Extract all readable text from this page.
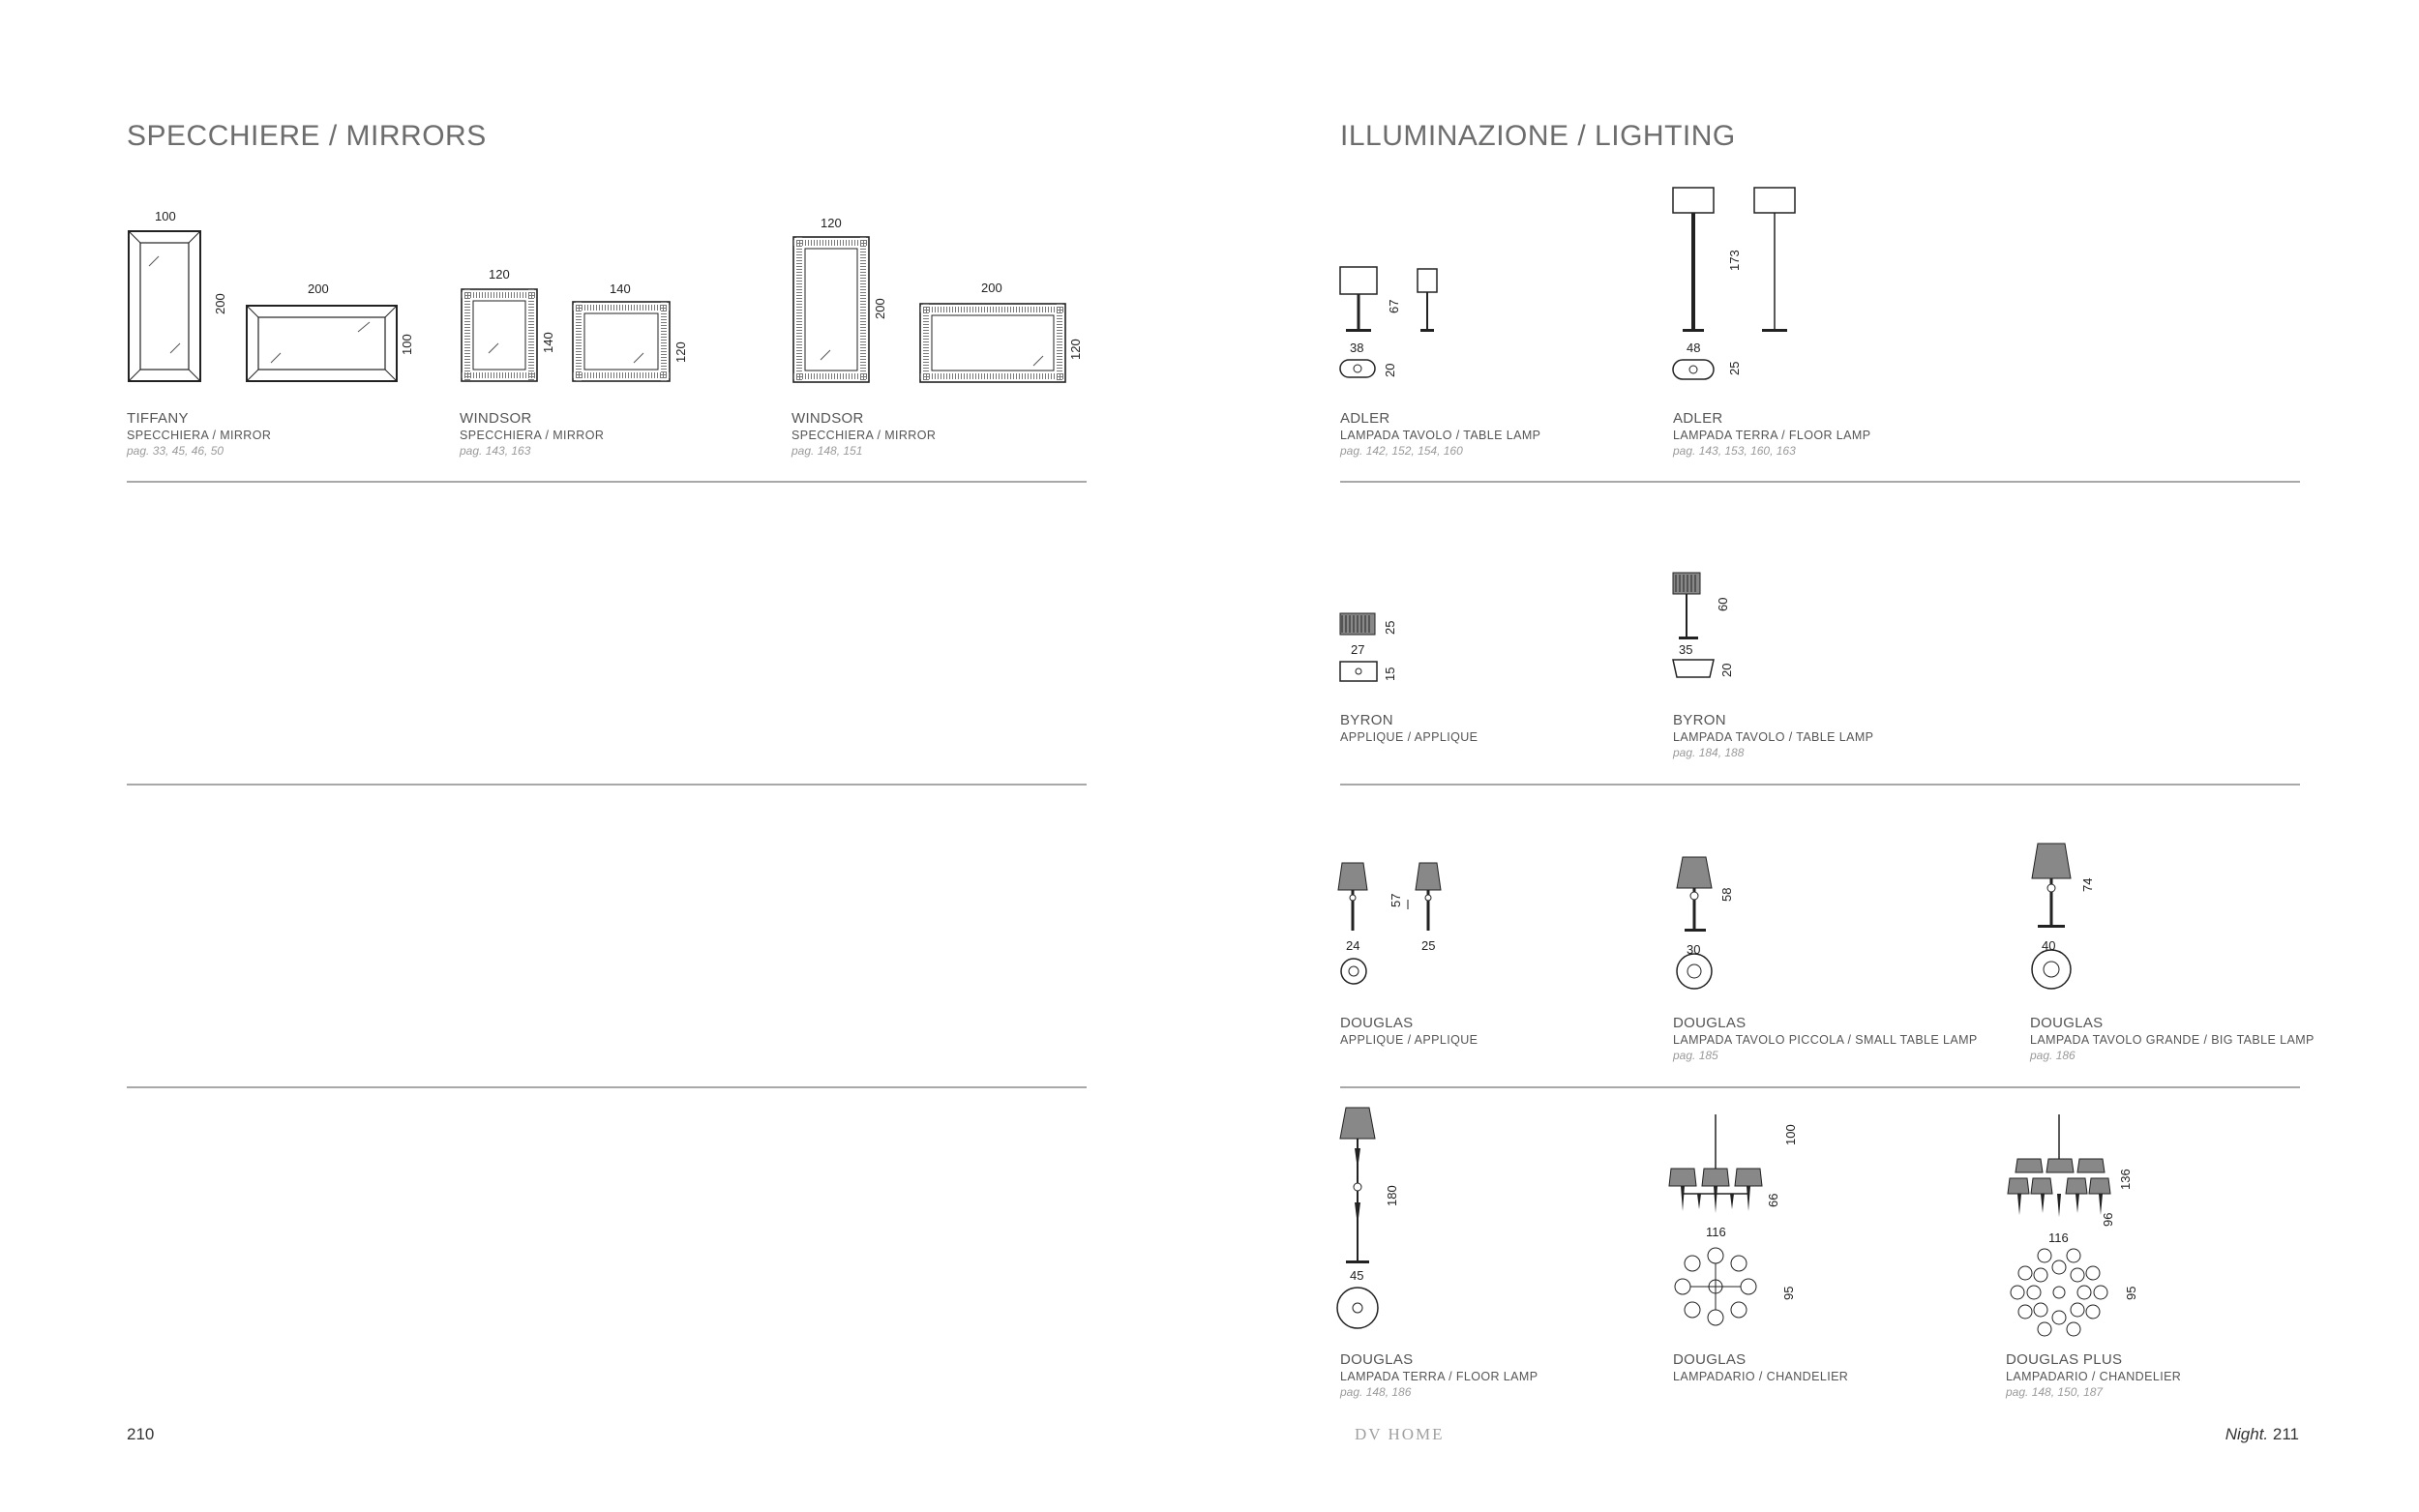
SPECCHIERE / MIRRORS
100
200
200
100
TIFFANY
SPECCHIERA / MIRROR
pag. 33, 45, 46, 50
120
140
140
120
WINDSOR
SPECCHIERA / MIRROR
pag. 143, 163
120
200
200
120
WINDSOR
SPECCHIERA / MIRROR
pag. 148, 151
210
ILLUMINAZIONE / LIGHTING
67
38
20
ADLER
LAMPADA TAVOLO / TABLE LAMP
pag. 142, 152, 154, 160
173
48
25
ADLER
LAMPADA TERRA / FLOOR LAMP
pag. 143, 153, 160, 163
25
27
15
BYRON
APPLIQUE / APPLIQUE
60
35
20
BYRON
LAMPADA TAVOLO / TABLE LAMP
pag. 184, 188
57
24	25
DOUGLAS
APPLIQUE / APPLIQUE
58
30
DOUGLAS
LAMPADA TAVOLO PICCOLA / SMALL TABLE LAMP
pag. 185
74
40
DOUGLAS
LAMPADA TAVOLO GRANDE / BIG TABLE LAMP
pag. 186
180
45
DOUGLAS
LAMPADA TERRA / FLOOR LAMP
pag. 148, 186
100
66
116
95
DOUGLAS
LAMPADARIO / CHANDELIER
136
96
116
95
DOUGLAS PLUS
LAMPADARIO / CHANDELIER
pag. 148, 150, 187
DV HOME	Night. 211
